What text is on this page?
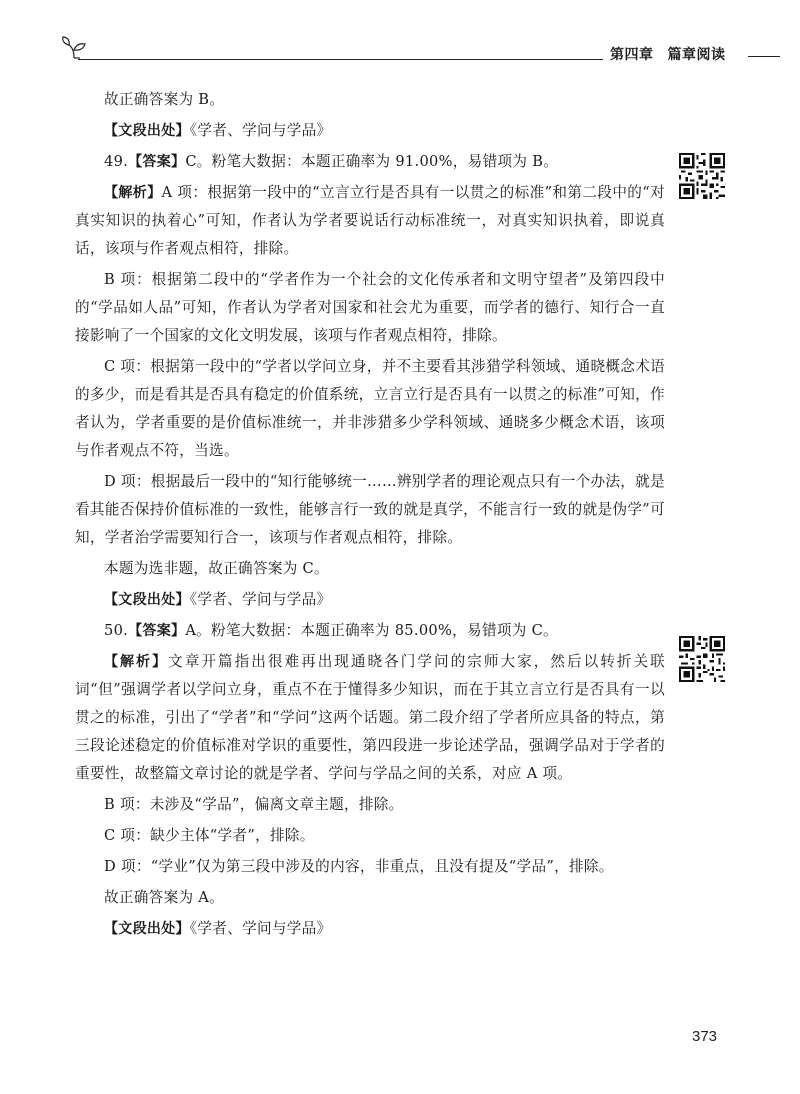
第四章 篇章阅读

故正确答案为 B。

【文段出处】《学者、学问与学品》

49.【答案】C。粉笔大数据：本题正确率为 91.00%，易错项为 B。

【解析】A 项：根据第一段中的“立言立行是否具有一以贯之的标准”和第二段中的“对真实知识的执着心”可知，作者认为学者要说话行动标准统一，对真实知识执着，即说真话，该项与作者观点相符，排除。

B 项：根据第二段中的“学者作为一个社会的文化传承者和文明守望者”及第四段中的“学品如人品”可知，作者认为学者对国家和社会尤为重要，而学者的德行、知行合一直接影响了一个国家的文化文明发展，该项与作者观点相符，排除。

C 项：根据第一段中的“学者以学问立身，并不主要看其涉猎学科领域、通晓概念术语的多少，而是看其是否具有稳定的价值系统，立言立行是否具有一以贯之的标准”可知，作者认为，学者重要的是价值标准统一，并非涉猎多少学科领域、通晓多少概念术语，该项与作者观点不符，当选。

D 项：根据最后一段中的“知行能够统一……辨别学者的理论观点只有一个办法，就是看其能否保持价值标准的一致性，能够言行一致的就是真学，不能言行一致的就是伪学”可知，学者治学需要知行合一，该项与作者观点相符，排除。

本题为选非题，故正确答案为 C。

【文段出处】《学者、学问与学品》

50.【答案】A。粉笔大数据：本题正确率为 85.00%，易错项为 C。

【解析】文章开篇指出很难再出现通晓各门学问的宗师大家，然后以转折关联词“但”强调学者以学问立身，重点不在于懂得多少知识，而在于其立言立行是否具有一以贯之的标准，引出了“学者”和“学问”这两个话题。第二段介绍了学者所应具备的特点，第三段论述稳定的价值标准对学识的重要性，第四段进一步论述学品，强调学品对于学者的重要性，故整篇文章讨论的就是学者、学问与学品之间的关系，对应 A 项。

B 项：未涉及“学品”，偏离文章主题，排除。

C 项：缺少主体“学者”，排除。

D 项：“学业”仅为第三段中涉及的内容，非重点，且没有提及“学品”，排除。

故正确答案为 A。

【文段出处】《学者、学问与学品》

373
